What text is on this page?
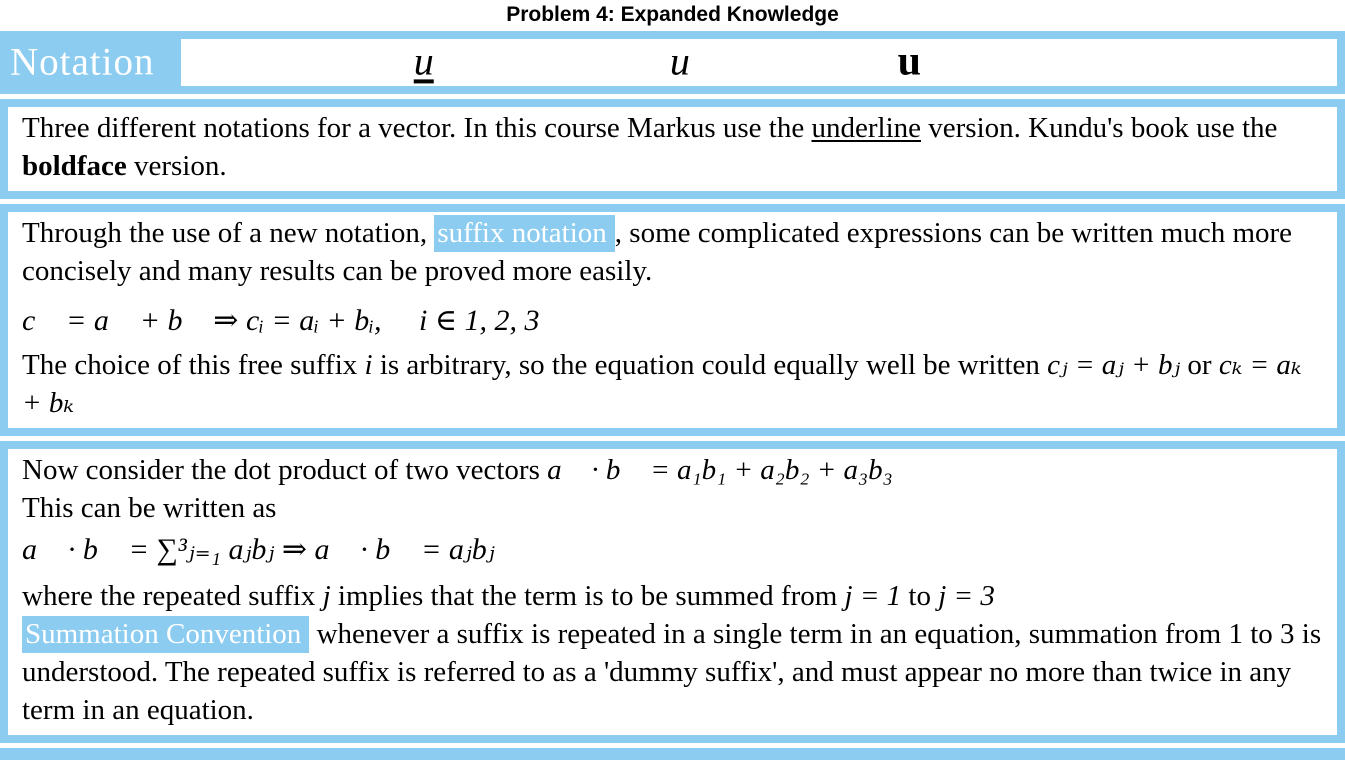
Problem 4: Expanded Knowledge
Notation	u	u⃗	u

Three different notations for a vector. In this course Markus use the underline version. Kundu's book use the boldface version.

Through the use of a new notation, suffix notation , some complicated expressions can be written much more concisely and many results can be proved more easily.

c⃗ = a⃗ + b⃗ ⇒ cᵢ = aᵢ + bᵢ,     i ∈ 1, 2, 3

The choice of this free suffix i is arbitrary, so the equation could equally well be written cⱼ = aⱼ + bⱼ or cₖ = aₖ + bₖ

Now consider the dot product of two vectors a⃗ · b⃗ = a₁b₁ + a₂b₂ + a₃b₃
This can be written as
a⃗ · b⃗ = ∑³ⱼ₌₁ aⱼbⱼ ⇒ a⃗ · b⃗ = aⱼbⱼ
where the repeated suffix j implies that the term is to be summed from j = 1 to j = 3

Summation Convention whenever a suffix is repeated in a single term in an equation, summation from 1 to 3 is understood. The repeated suffix is referred to as a 'dummy suffix', and must appear no more than twice in any term in an equation.
